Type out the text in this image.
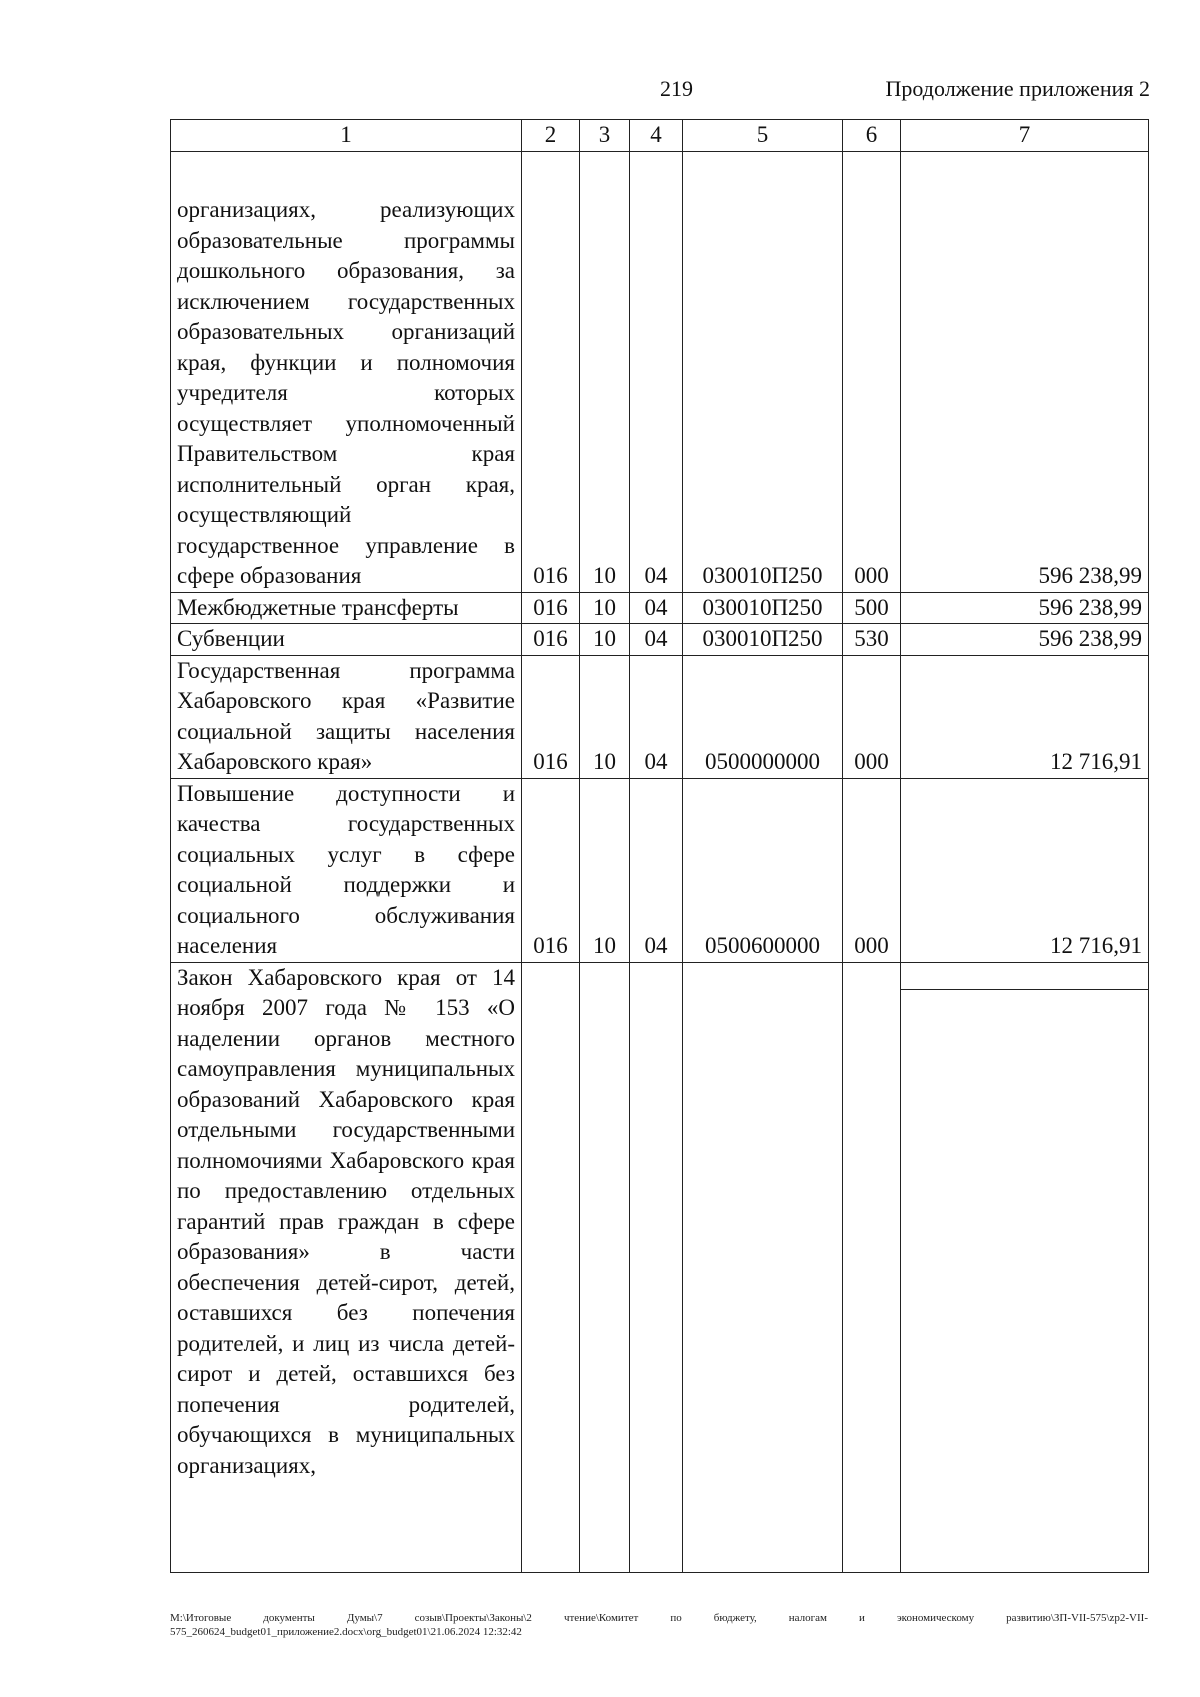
219	Продолжение приложения 2
1	2	3	4	5	6	7
организациях, реализующих образовательные программы дошкольного образования, за исключением государственных образовательных организаций края, функции и полномочия учредителя которых осуществляет уполномоченный Правительством края исполнительный орган края, осуществляющий государственное управление в сфере образования	016	10	04	030010П250	000	596 238,99
Межбюджетные трансферты	016	10	04	030010П250	500	596 238,99
Субвенции	016	10	04	030010П250	530	596 238,99
Государственная программа Хабаровского края «Развитие социальной защиты населения Хабаровского края»	016	10	04	0500000000	000	12 716,91
Повышение доступности и качества государственных социальных услуг в сфере социальной поддержки и социального обслуживания населения	016	10	04	0500600000	000	12 716,91
Закон Хабаровского края от 14 ноября 2007 года № 153 «О наделении органов местного самоуправления муниципальных образований Хабаровского края отдельными государственными полномочиями Хабаровского края по предоставлению отдельных гарантий прав граждан в сфере образования» в части обеспечения детей-сирот, детей, оставшихся без попечения родителей, и лиц из числа детей-сирот и детей, оставшихся без попечения родителей, обучающихся в муниципальных организациях,						
M:\Итоговые документы Думы\7 созыв\Проекты\Законы\2 чтение\Комитет по бюджету, налогам и экономическому развитию\ЗП-VII-575\zp2-VII-575_260624_budget01_приложение2.docx\org_budget01\21.06.2024 12:32:42
